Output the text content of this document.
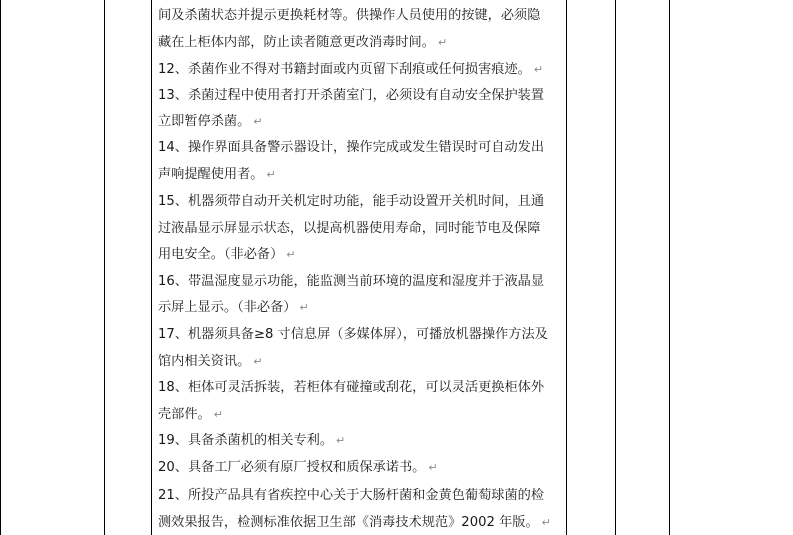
间及杀菌状态并提示更换耗材等。供操作人员使用的按键，必须隐
藏在上柜体内部，防止读者随意更改消毒时间。 ↵
12、杀菌作业不得对书籍封面或内页留下刮痕或任何损害痕迹。 ↵
13、杀菌过程中使用者打开杀菌室门，必须设有自动安全保护装置
立即暂停杀菌。 ↵
14、操作界面具备警示器设计，操作完成或发生错误时可自动发出
声响提醒使用者。 ↵
15、机器须带自动开关机定时功能，能手动设置开关机时间，且通
过液晶显示屏显示状态，以提高机器使用寿命，同时能节电及保障
用电安全。（非必备） ↵
16、带温湿度显示功能，能监测当前环境的温度和湿度并于液晶显
示屏上显示。（非必备） ↵
17、机器须具备≥8 寸信息屏（多媒体屏），可播放机器操作方法及
馆内相关资讯。 ↵
18、柜体可灵活拆装，若柜体有碰撞或刮花，可以灵活更换柜体外
壳部件。 ↵
19、具备杀菌机的相关专利。 ↵
20、具备工厂必须有原厂授权和质保承诺书。 ↵
21、所投产品具有省疾控中心关于大肠杆菌和金黄色葡萄球菌的检
测效果报告，检测标准依据卫生部《消毒技术规范》2002 年版。 ↵
